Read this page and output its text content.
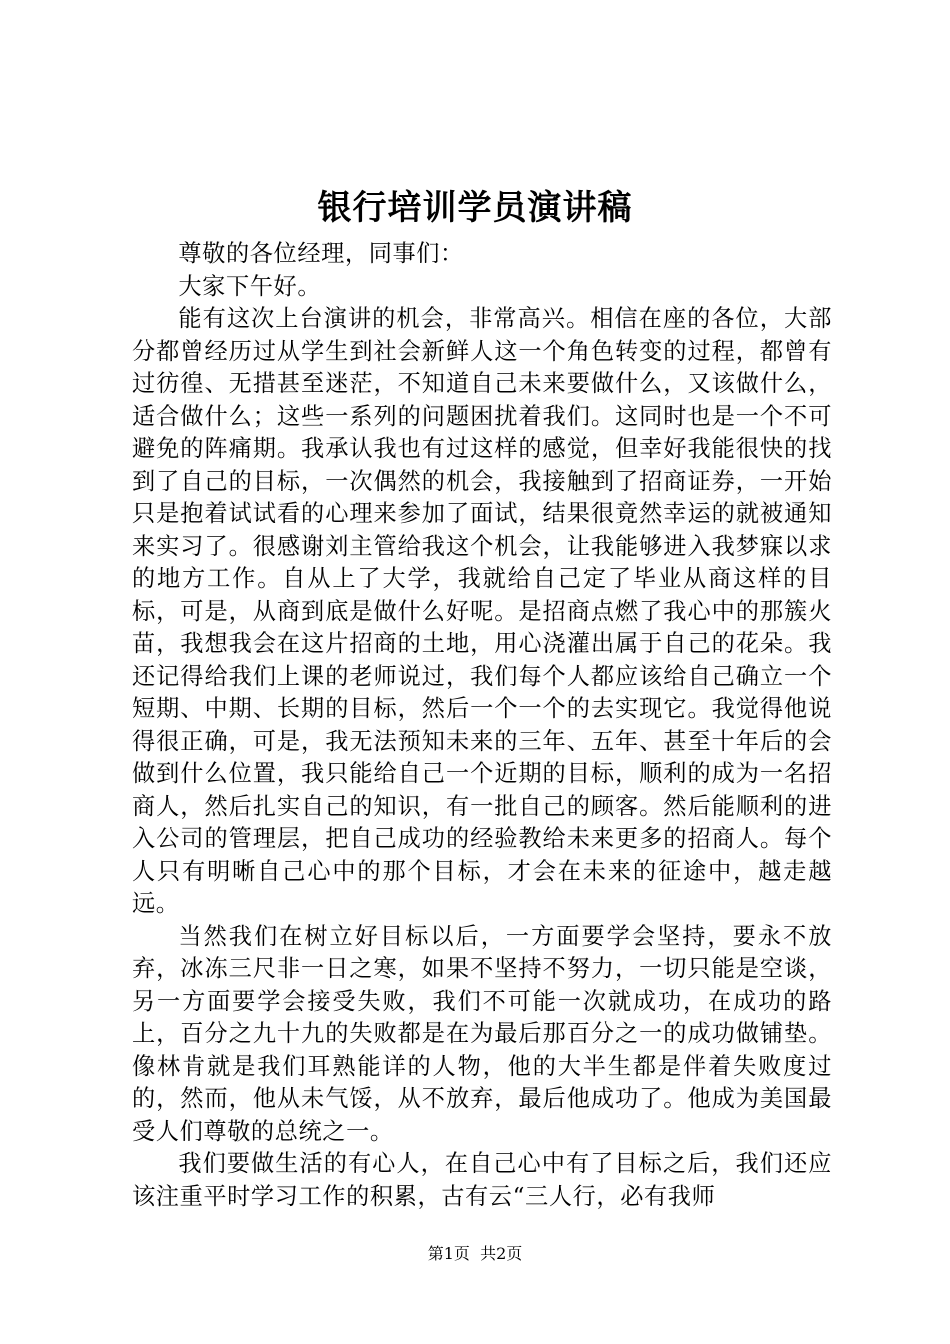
银行培训学员演讲稿

尊敬的各位经理，同事们：

大家下午好。

能有这次上台演讲的机会，非常高兴。相信在座的各位，大部分都曾经历过从学生到社会新鲜人这一个角色转变的过程，都曾有过彷徨、无措甚至迷茫，不知道自己未来要做什么，又该做什么，适合做什么；这些一系列的问题困扰着我们。这同时也是一个不可避免的阵痛期。我承认我也有过这样的感觉，但幸好我能很快的找到了自己的目标，一次偶然的机会，我接触到了招商证券，一开始只是抱着试试看的心理来参加了面试，结果很竟然幸运的就被通知来实习了。很感谢刘主管给我这个机会，让我能够进入我梦寐以求的地方工作。自从上了大学，我就给自己定了毕业从商这样的目标，可是，从商到底是做什么好呢。是招商点燃了我心中的那簇火苗，我想我会在这片招商的土地，用心浇灌出属于自己的花朵。我还记得给我们上课的老师说过，我们每个人都应该给自己确立一个短期、中期、长期的目标，然后一个一个的去实现它。我觉得他说得很正确，可是，我无法预知未来的三年、五年、甚至十年后的会做到什么位置，我只能给自己一个近期的目标，顺利的成为一名招商人，然后扎实自己的知识，有一批自己的顾客。然后能顺利的进入公司的管理层，把自己成功的经验教给未来更多的招商人。每个人只有明晰自己心中的那个目标，才会在未来的征途中，越走越远。

当然我们在树立好目标以后，一方面要学会坚持，要永不放弃，冰冻三尺非一日之寒，如果不坚持不努力，一切只能是空谈，另一方面要学会接受失败，我们不可能一次就成功，在成功的路上，百分之九十九的失败都是在为最后那百分之一的成功做铺垫。像林肯就是我们耳熟能详的人物，他的大半生都是伴着失败度过的，然而，他从未气馁，从不放弃，最后他成功了。他成为美国最受人们尊敬的总统之一。

我们要做生活的有心人，在自己心中有了目标之后，我们还应该注重平时学习工作的积累，古有云“三人行，必有我师

第1页 共2页
